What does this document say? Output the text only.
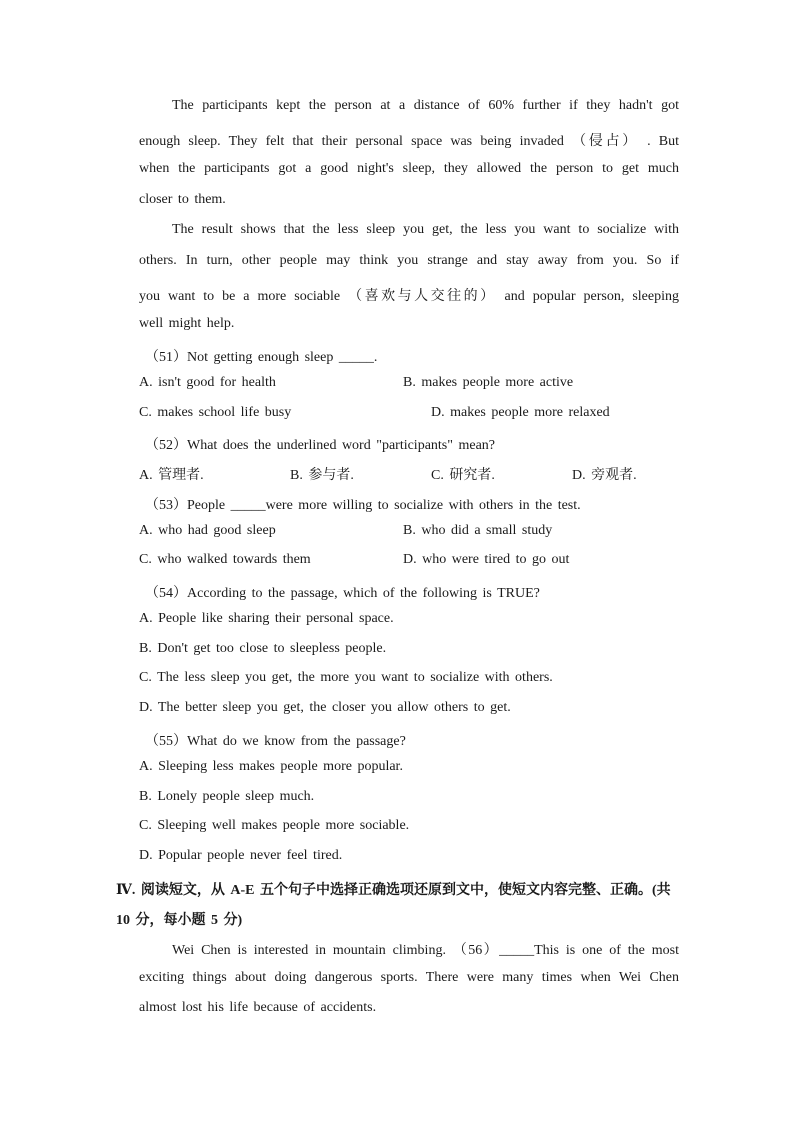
The participants kept the person at a distance of 60% further if they hadn't got
enough sleep. They felt that their personal space was being invaded （侵占） . But
when the participants got a good night's sleep, they allowed the person to get much
closer to them.
The result shows that the less sleep you get, the less you want to socialize with
others. In turn, other people may think you strange and stay away from you. So if
you want to be a more sociable （喜欢与人交往的） and popular person, sleeping
well might help.
（51）Not getting enough sleep _____.
A. isn't good for health	B. makes people more active
C. makes school life busy	D. makes people more relaxed
（52）What does the underlined word "participants" mean?
A. 管理者.	B. 参与者.	C. 研究者.	D. 旁观者.
（53）People _____were more willing to socialize with others in the test.
A. who had good sleep	B. who did a small study
C. who walked towards them	D. who were tired to go out
（54）According to the passage, which of the following is TRUE?
A. People like sharing their personal space.
B. Don't get too close to sleepless people.
C. The less sleep you get, the more you want to socialize with others.
D. The better sleep you get, the closer you allow others to get.
（55）What do we know from the passage?
A. Sleeping less makes people more popular.
B. Lonely people sleep much.
C. Sleeping well makes people more sociable.
D. Popular people never feel tired.
Ⅳ. 阅读短文，从 A-E 五个句子中选择正确选项还原到文中，使短文内容完整、正确。(共
10 分，每小题 5 分)
Wei Chen is interested in mountain climbing. （56）_____This is one of the most
exciting things about doing dangerous sports. There were many times when Wei Chen
almost lost his life because of accidents.
